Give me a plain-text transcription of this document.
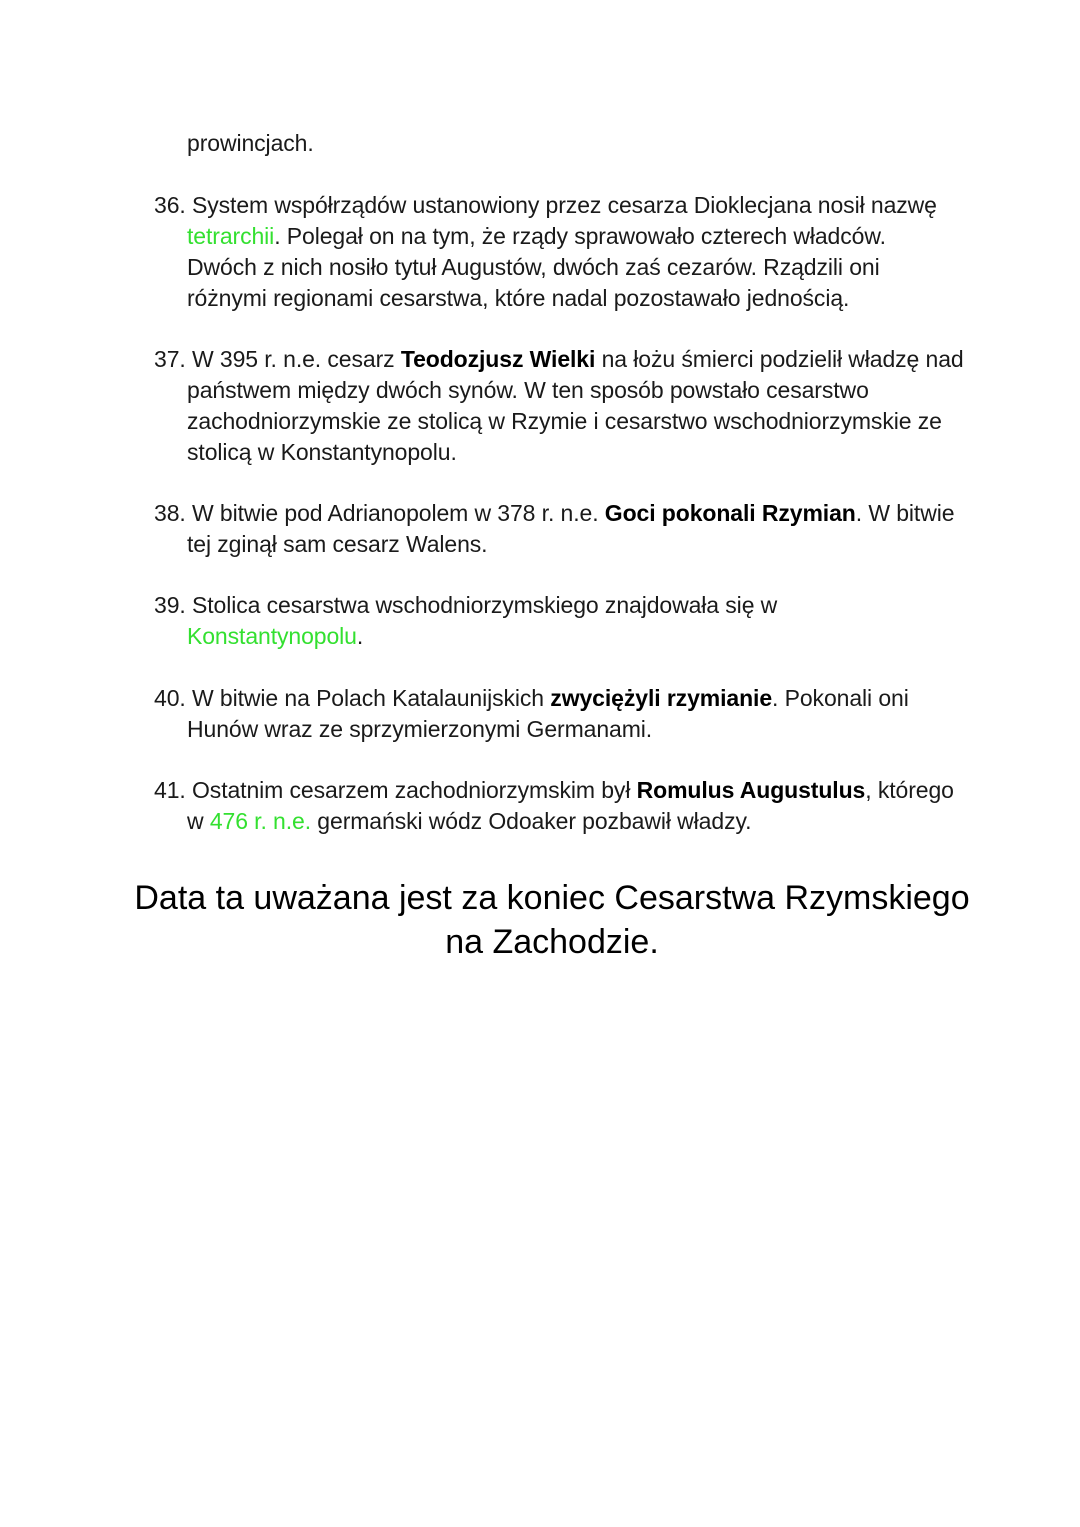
prowincjach.
36. System współrządów ustanowiony przez cesarza Dioklecjana nosił nazwę
tetrarchii. Polegał on na tym, że rządy sprawowało czterech władców.
Dwóch z nich nosiło tytuł Augustów, dwóch zaś cezarów. Rządzili oni
różnymi regionami cesarstwa, które nadal pozostawało jednością.
37. W 395 r. n.e. cesarz Teodozjusz Wielki na łożu śmierci podzielił władzę nad
państwem między dwóch synów. W ten sposób powstało cesarstwo
zachodniorzymskie ze stolicą w Rzymie i cesarstwo wschodniorzymskie ze
stolicą w Konstantynopolu.
38. W bitwie pod Adrianopolem w 378 r. n.e. Goci pokonali Rzymian. W bitwie
tej zginął sam cesarz Walens.
39. Stolica cesarstwa wschodniorzymskiego znajdowała się w
Konstantynopolu.
40. W bitwie na Polach Katalaunijskich zwyciężyli rzymianie. Pokonali oni
Hunów wraz ze sprzymierzonymi Germanami.
41. Ostatnim cesarzem zachodniorzymskim był Romulus Augustulus, którego
w 476 r. n.e. germański wódz Odoaker pozbawił władzy.
Data ta uważana jest za koniec Cesarstwa Rzymskiego
na Zachodzie.
